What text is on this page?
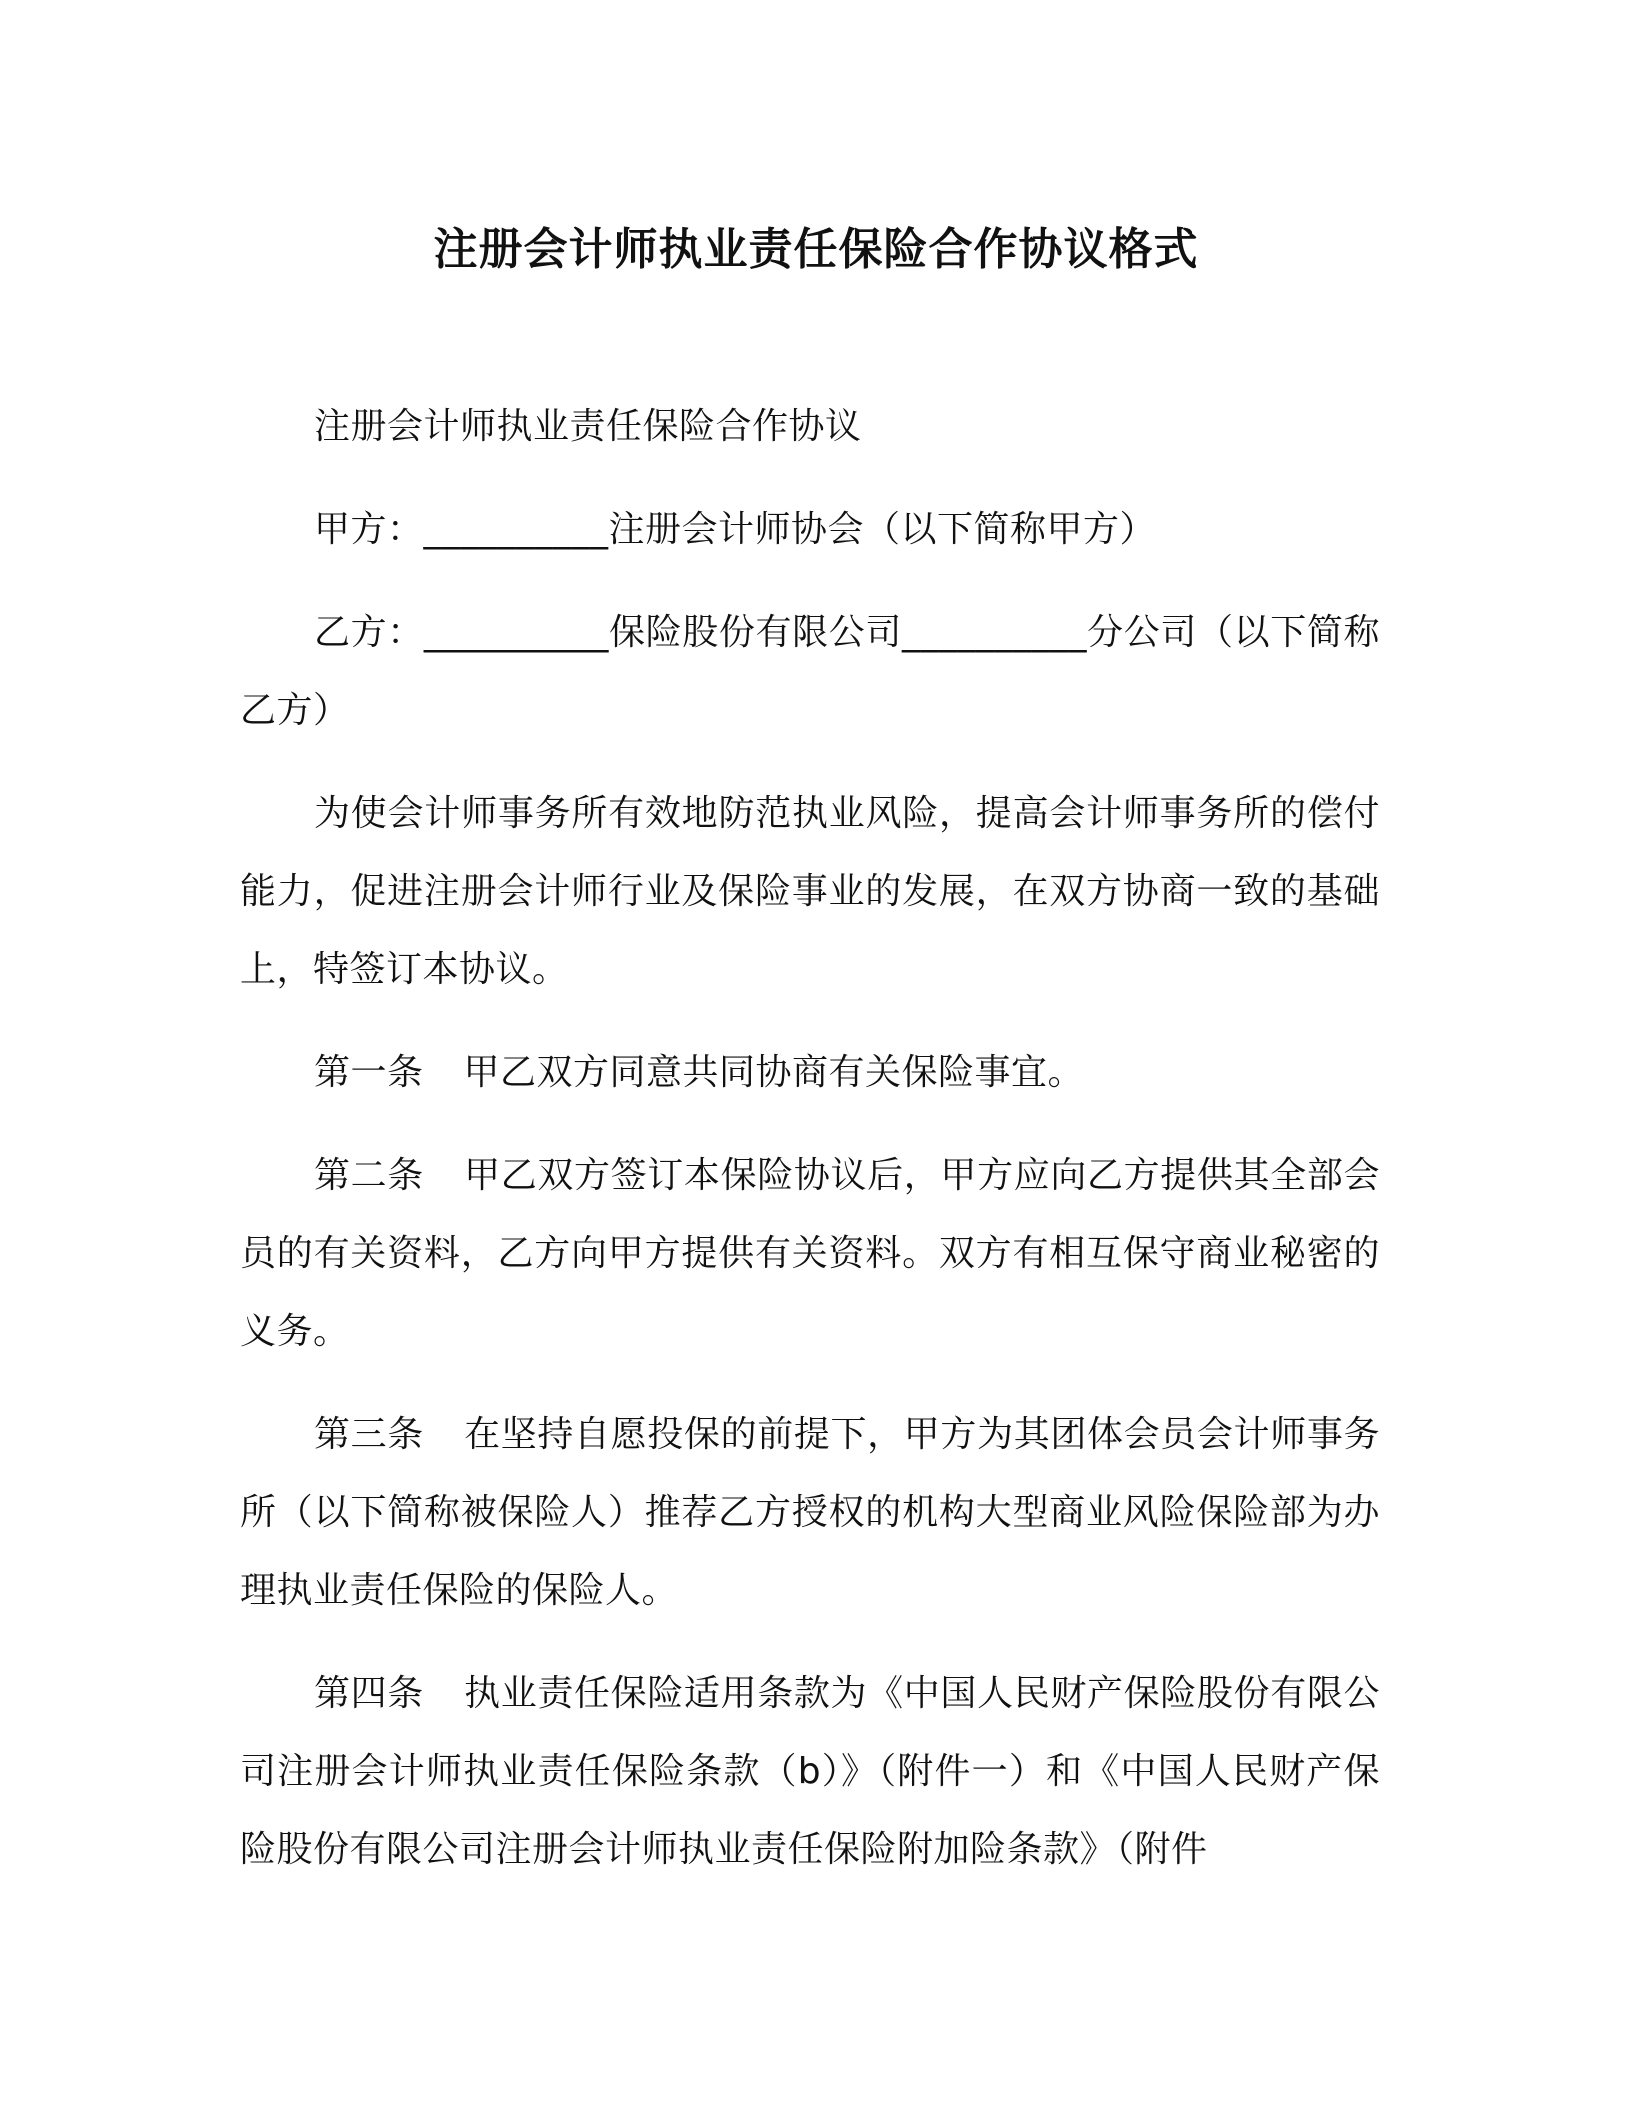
注册会计师执业责任保险合作协议格式

注册会计师执业责任保险合作协议

甲方：__________注册会计师协会（以下简称甲方）

乙方：__________保险股份有限公司__________分公司（以下简称乙方）

为使会计师事务所有效地防范执业风险，提高会计师事务所的偿付能力，促进注册会计师行业及保险事业的发展，在双方协商一致的基础上，特签订本协议。

第一条 甲乙双方同意共同协商有关保险事宜。

第二条 甲乙双方签订本保险协议后，甲方应向乙方提供其全部会员的有关资料，乙方向甲方提供有关资料。双方有相互保守商业秘密的义务。

第三条 在坚持自愿投保的前提下，甲方为其团体会员会计师事务所（以下简称被保险人）推荐乙方授权的机构大型商业风险保险部为办理执业责任保险的保险人。

第四条 执业责任保险适用条款为《中国人民财产保险股份有限公司注册会计师执业责任保险条款（b）》（附件一）和《中国人民财产保险股份有限公司注册会计师执业责任保险附加险条款》（附件
